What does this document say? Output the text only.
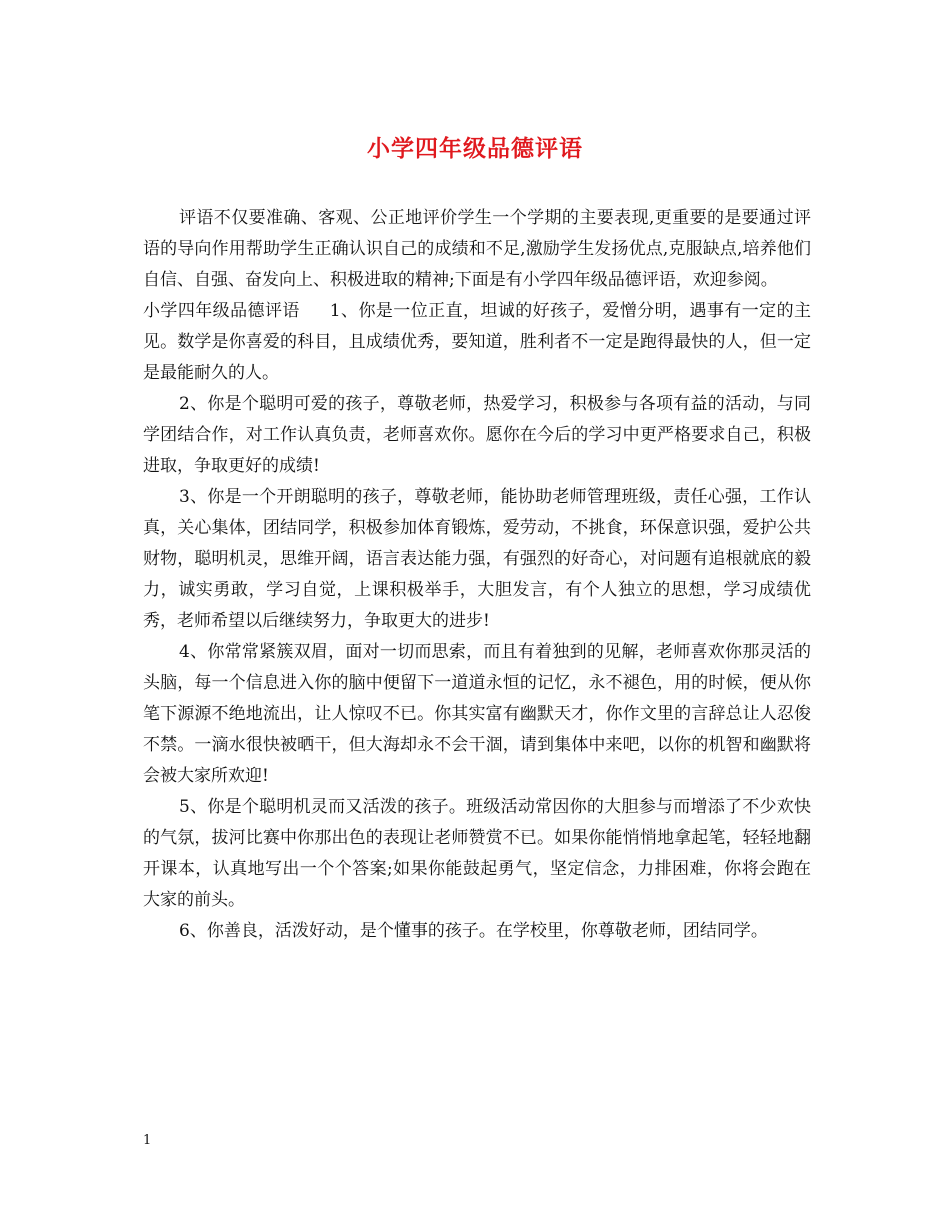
小学四年级品德评语

评语不仅要准确、客观、公正地评价学生一个学期的主要表现,更重要的是要通过评语的导向作用帮助学生正确认识自己的成绩和不足,激励学生发扬优点,克服缺点,培养他们自信、自强、奋发向上、积极进取的精神;下面是有小学四年级品德评语，欢迎参阅。

小学四年级品德评语 1、你是一位正直，坦诚的好孩子，爱憎分明，遇事有一定的主见。数学是你喜爱的科目，且成绩优秀，要知道，胜利者不一定是跑得最快的人，但一定是最能耐久的人。

2、你是个聪明可爱的孩子，尊敬老师，热爱学习，积极参与各项有益的活动，与同学团结合作，对工作认真负责，老师喜欢你。愿你在今后的学习中更严格要求自己，积极进取，争取更好的成绩!

3、你是一个开朗聪明的孩子，尊敬老师，能协助老师管理班级，责任心强，工作认真，关心集体，团结同学，积极参加体育锻炼，爱劳动，不挑食，环保意识强，爱护公共财物，聪明机灵，思维开阔，语言表达能力强，有强烈的好奇心，对问题有追根就底的毅力，诚实勇敢，学习自觉，上课积极举手，大胆发言，有个人独立的思想，学习成绩优秀，老师希望以后继续努力，争取更大的进步!

4、你常常紧簇双眉，面对一切而思索，而且有着独到的见解，老师喜欢你那灵活的头脑，每一个信息进入你的脑中便留下一道道永恒的记忆，永不褪色，用的时候，便从你笔下源源不绝地流出，让人惊叹不已。你其实富有幽默天才，你作文里的言辞总让人忍俊不禁。一滴水很快被晒干，但大海却永不会干涸，请到集体中来吧，以你的机智和幽默将会被大家所欢迎!

5、你是个聪明机灵而又活泼的孩子。班级活动常因你的大胆参与而增添了不少欢快的气氛，拔河比赛中你那出色的表现让老师赞赏不已。如果你能悄悄地拿起笔，轻轻地翻开课本，认真地写出一个个答案;如果你能鼓起勇气，坚定信念，力排困难，你将会跑在大家的前头。

6、你善良，活泼好动，是个懂事的孩子。在学校里，你尊敬老师，团结同学。

1
